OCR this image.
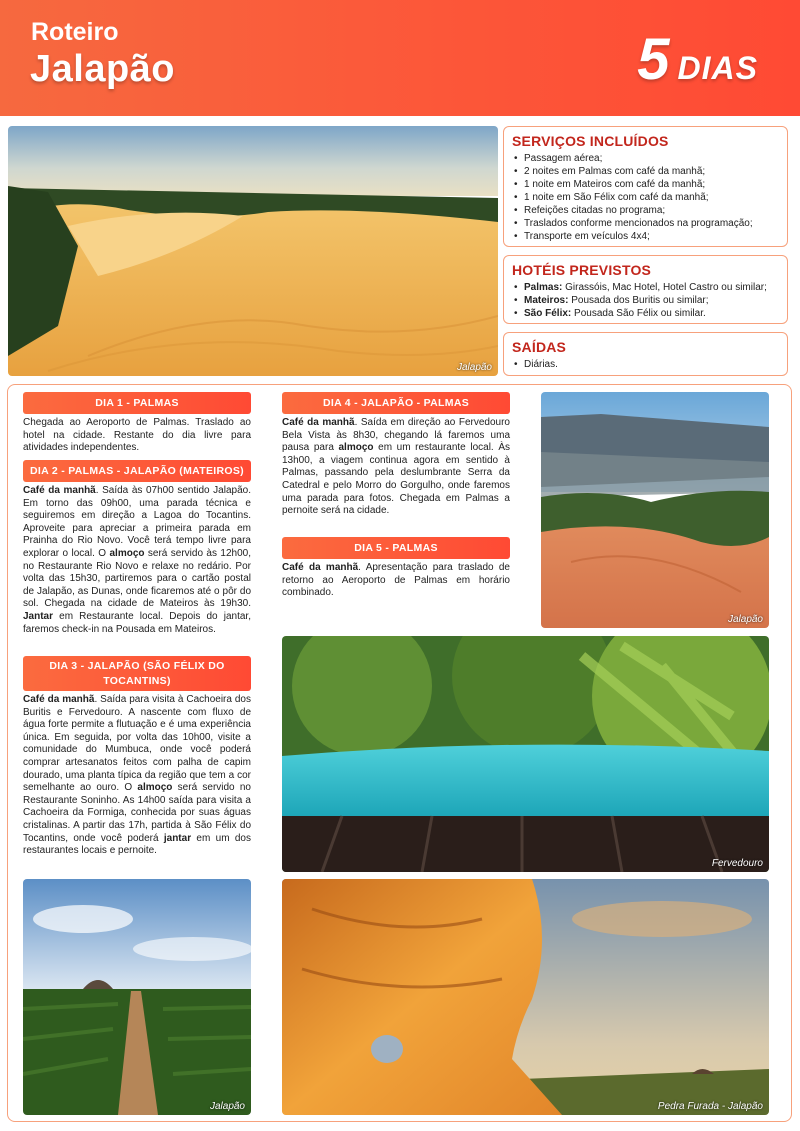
Roteiro
Jalapão	5 DIAS
Jalapão
SERVIÇOS INCLUÍDOS
• Passagem aérea;
• 2 noites em Palmas com café da manhã;
• 1 noite em Mateiros com café da manhã;
• 1 noite em São Félix com café da manhã;
• Refeições citadas no programa;
• Traslados conforme mencionados na programação;
• Transporte em veículos 4x4;
HOTÉIS PREVISTOS
• Palmas: Girassóis, Mac Hotel, Hotel Castro ou similar;
• Mateiros: Pousada dos Buritis ou similar;
• São Félix: Pousada São Félix ou similar.
SAÍDAS
• Diárias.
DIA 1 - PALMAS
Chegada ao Aeroporto de Palmas. Traslado ao hotel na cidade. Restante do dia livre para atividades independentes.
DIA 2 - PALMAS - JALAPÃO (MATEIROS)
Café da manhã. Saída às 07h00 sentido Jalapão. Em torno das 09h00, uma parada técnica e seguiremos em direção a Lagoa do Tocantins. Aproveite para apreciar a primeira parada em Prainha do Rio Novo. Você terá tempo livre para explorar o local. O almoço será servido às 12h00, no Restaurante Rio Novo e relaxe no redário. Por volta das 15h30, partiremos para o cartão postal de Jalapão, as Dunas, onde ficaremos até o pôr do sol. Chegada na cidade de Mateiros às 19h30. Jantar em Restaurante local. Depois do jantar, faremos check-in na Pousada em Mateiros.
DIA 3 - JALAPÃO (SÃO FÉLIX DO TOCANTINS)
Café da manhã. Saída para visita à Cachoeira dos Buritis e Fervedouro. A nascente com fluxo de água forte permite a flutuação e é uma experiência única. Em seguida, por volta das 10h00, visite a comunidade do Mumbuca, onde você poderá comprar artesanatos feitos com palha de capim dourado, uma planta típica da região que tem a cor semelhante ao ouro. O almoço será servido no Restaurante Soninho. As 14h00 saída para visita a Cachoeira da Formiga, conhecida por suas águas cristalinas. A partir das 17h, partida à São Félix do Tocantins, onde você poderá jantar em um dos restaurantes locais e pernoite.
DIA 4 - JALAPÃO - PALMAS
Café da manhã. Saída em direção ao Fervedouro Bela Vista às 8h30, chegando lá faremos uma pausa para almoço em um restaurante local. Às 13h00, a viagem continua agora em sentido à Palmas, passando pela deslumbrante Serra da Catedral e pelo Morro do Gorgulho, onde faremos uma parada para fotos. Chegada em Palmas a pernoite será na cidade.
DIA 5 - PALMAS
Café da manhã. Apresentação para traslado de retorno ao Aeroporto de Palmas em horário combinado.
Jalapão
Fervedouro
Jalapão	Pedra Furada - Jalapão
